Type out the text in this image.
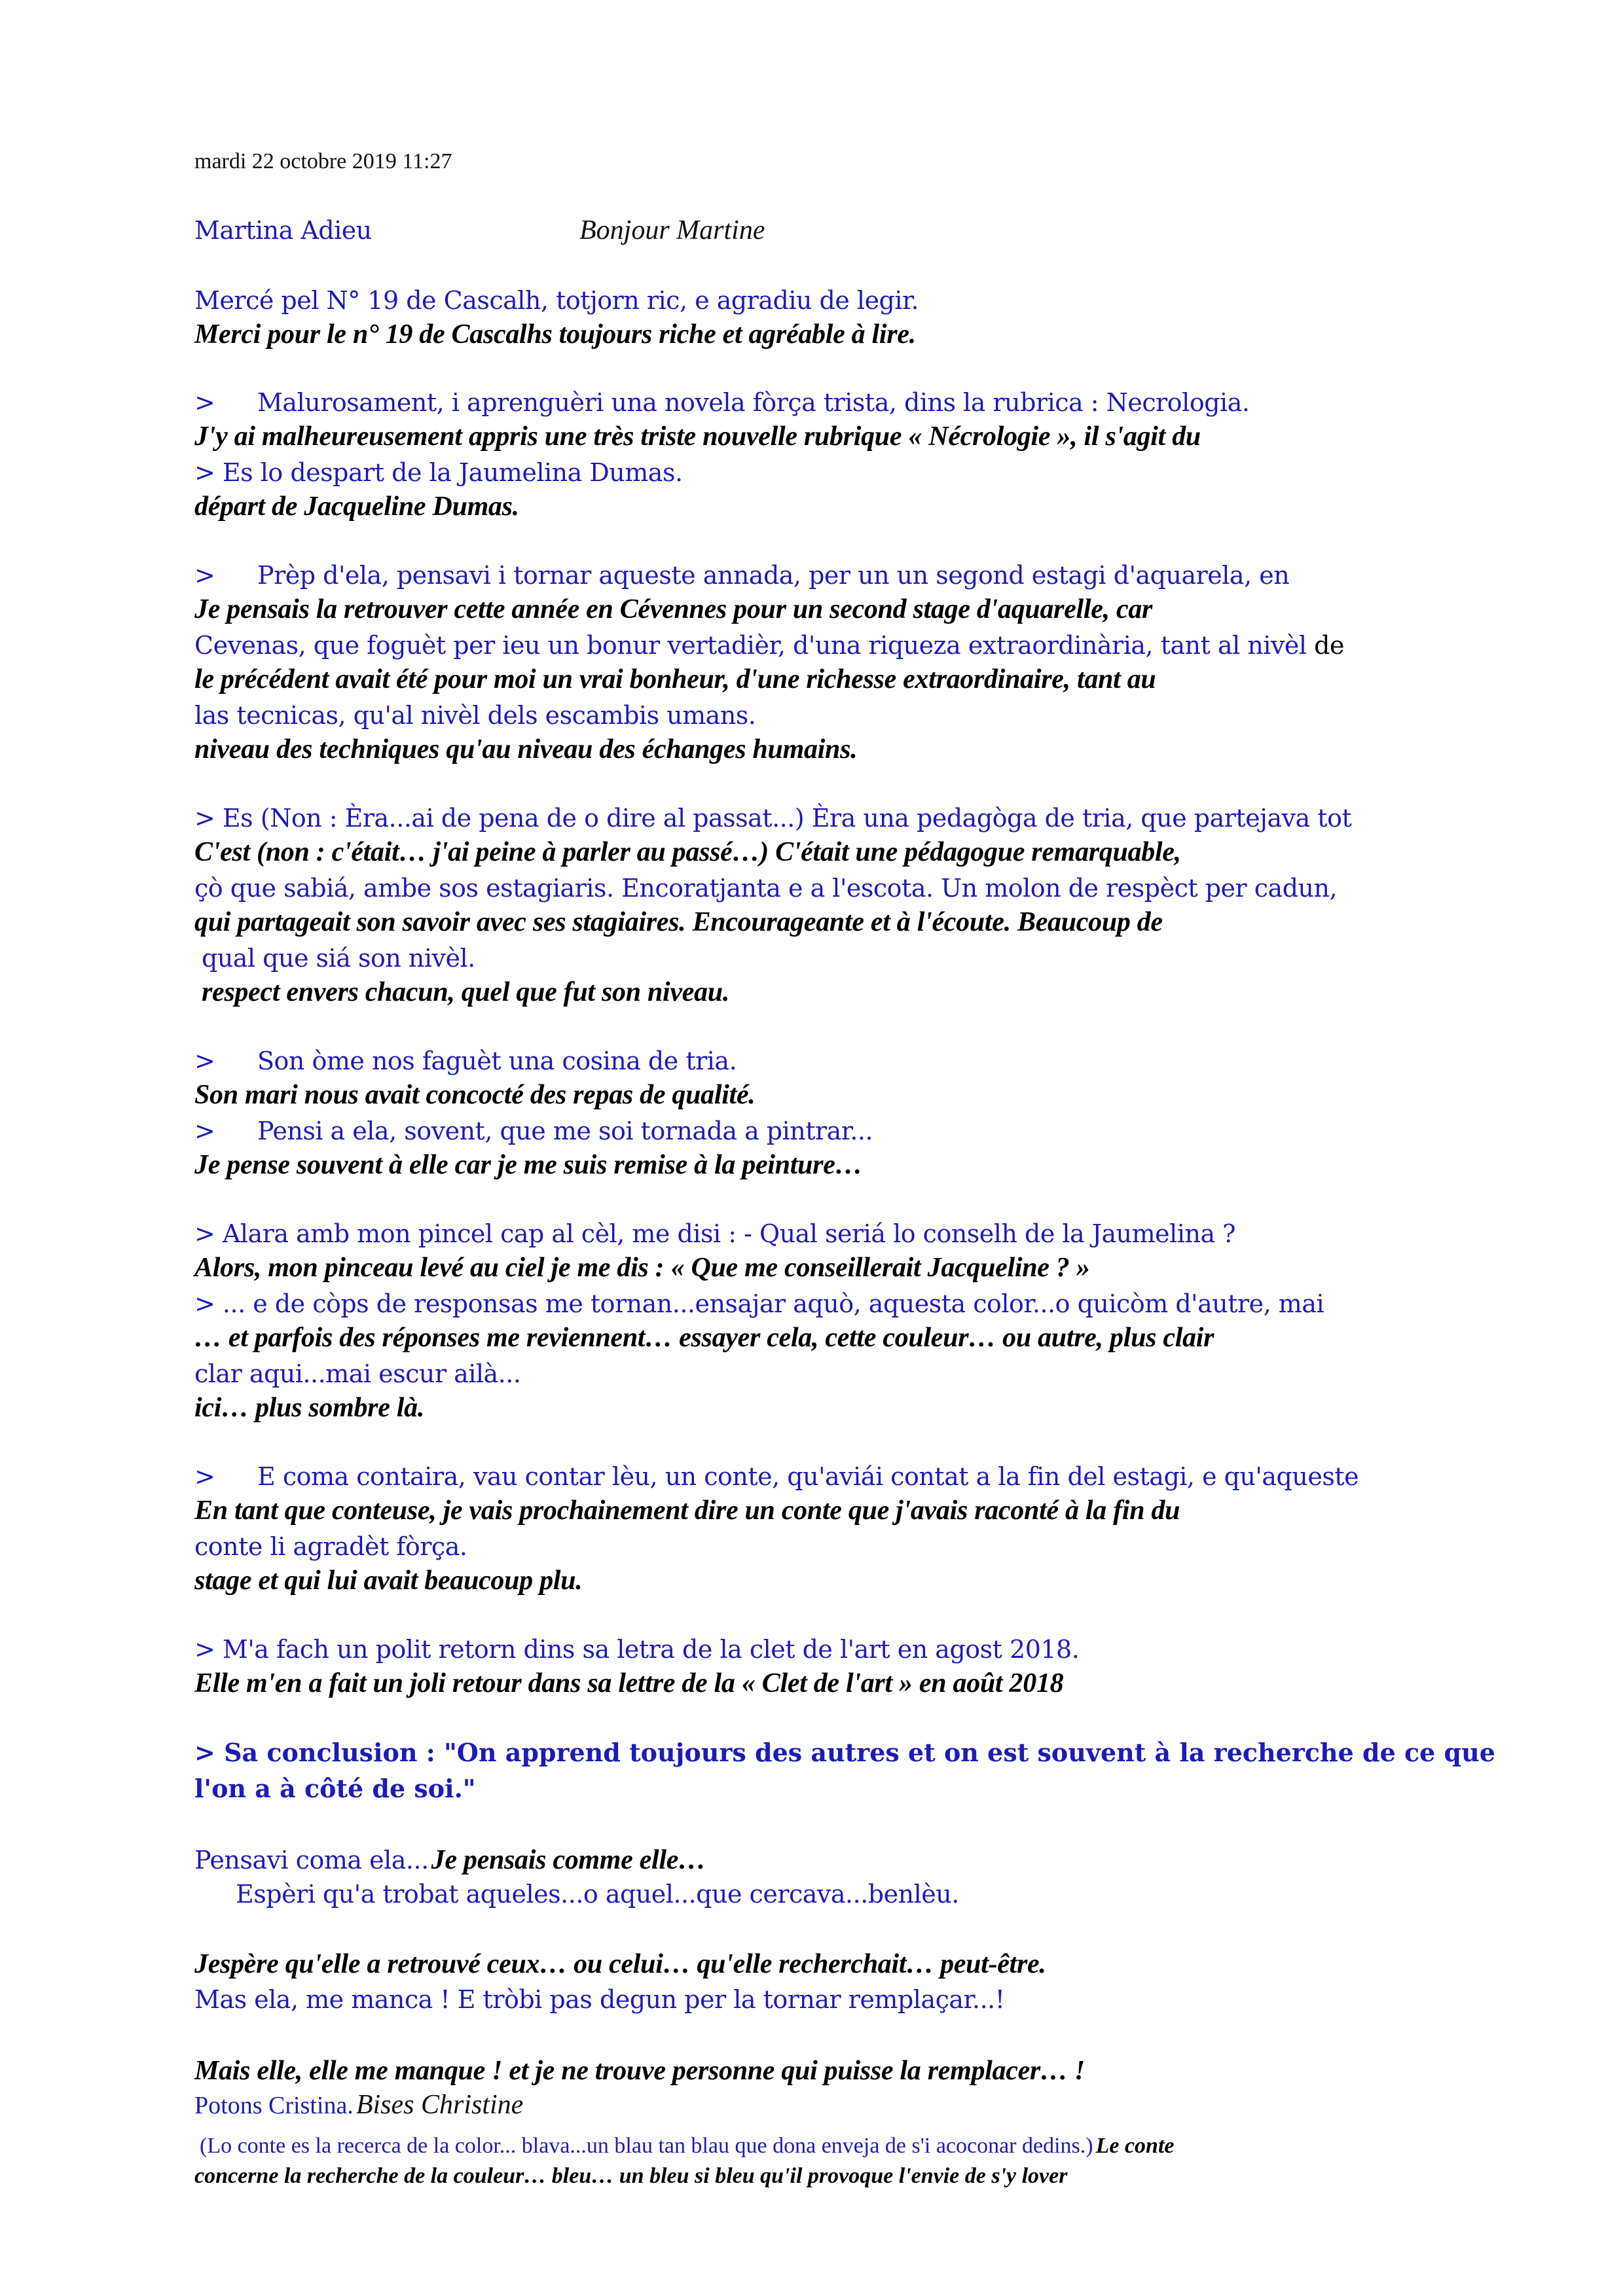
mardi 22 octobre 2019 11:27
Martina Adieu	Bonjour Martine
Mercé pel N° 19 de Cascalh, totjorn ric, e agradiu de legir.
Merci pour le n° 19 de Cascalhs toujours riche et agréable à lire.
> Malurosament, i aprenguèri una novela fòrça trista, dins la rubrica : Necrologia.
J'y ai malheureusement appris une très triste nouvelle rubrique « Nécrologie », il s'agit du
> Es lo despart de la Jaumelina Dumas.
départ de Jacqueline Dumas.
> Prèp d'ela, pensavi i tornar aqueste annada, per un un segond estagi d'aquarela, en
Je pensais la retrouver cette année en Cévennes pour un second stage d'aquarelle, car
Cevenas, que foguèt per ieu un bonur vertadièr, d'una riqueza extraordinària, tant al nivèl de
le précédent avait été pour moi un vrai bonheur, d'une richesse extraordinaire, tant au
las tecnicas, qu'al nivèl dels escambis umans.
niveau des techniques qu'au niveau des échanges humains.
> Es (Non : Èra...ai de pena de o dire al passat...) Èra una pedagòga de tria, que partejava tot
C'est (non : c'était… j'ai peine à parler au passé…) C'était une pédagogue remarquable,
çò que sabiá, ambe sos estagiaris. Encoratjanta e a l'escota. Un molon de respèct per cadun,
qui partageait son savoir avec ses stagiaires. Encourageante et à l'écoute. Beaucoup de
qual que siá son nivèl.
respect envers chacun, quel que fut son niveau.
> Son òme nos faguèt una cosina de tria.
Son mari nous avait concocté des repas de qualité.
> Pensi a ela, sovent, que me soi tornada a pintrar...
Je pense souvent à elle car je me suis remise à la peinture…
> Alara amb mon pincel cap al cèl, me disi : - Qual seriá lo conselh de la Jaumelina ?
Alors, mon pinceau levé au ciel je me dis : « Que me conseillerait Jacqueline ? »
> ... e de còps de responsas me tornan...ensajar aquò, aquesta color...o quicòm d'autre, mai
… et parfois des réponses me reviennent… essayer cela, cette couleur… ou autre, plus clair
clar aqui...mai escur ailà...
ici… plus sombre là.
> E coma contaira, vau contar lèu, un conte, qu'aviái contat a la fin del estagi, e qu'aqueste
En tant que conteuse, je vais prochainement dire un conte que j'avais raconté à la fin du
conte li agradèt fòrça.
stage et qui lui avait beaucoup plu.
> M'a fach un polit retorn dins sa letra de la clet de l'art en agost 2018.
Elle m'en a fait un joli retour dans sa lettre de la « Clet de l'art » en août 2018
> Sa conclusion : "On apprend toujours des autres et on est souvent à la recherche de ce que
l'on a à côté de soi."
Pensavi coma ela... Je pensais comme elle…
Espèri qu'a trobat aqueles...o aquel...que cercava...benlèu.
Jespère qu'elle a retrouvé ceux… ou celui… qu'elle recherchait… peut-être.
Mas ela, me manca ! E tròbi pas degun per la tornar remplaçar...!
Mais elle, elle me manque ! et je ne trouve personne qui puisse la remplacer… !
Potons Cristina. Bises Christine
(Lo conte es la recerca de la color... blava...un blau tan blau que dona enveja de s'i acoconar dedins.) Le conte
concerne la recherche de la couleur… bleu… un bleu si bleu qu'il provoque l'envie de s'y lover
